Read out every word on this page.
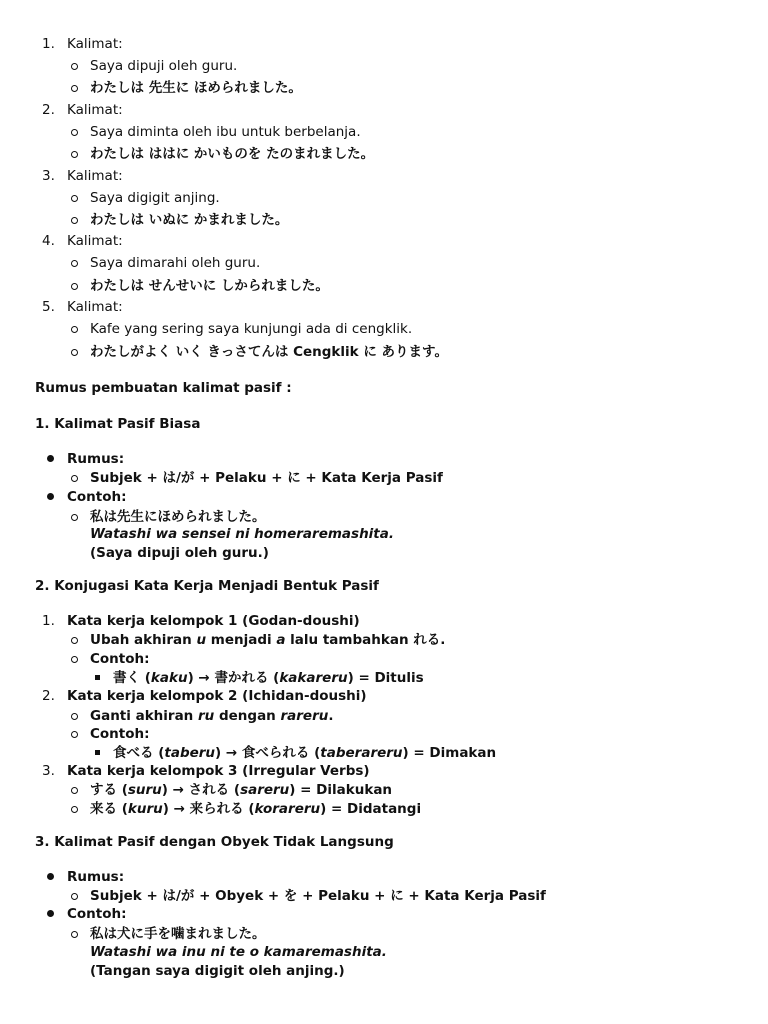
1. Kalimat:
Saya dipuji oleh guru.
わたしは 先生に ほめられました。
2. Kalimat:
Saya diminta oleh ibu untuk berbelanja.
わたしは ははに かいものを たのまれました。
3. Kalimat:
Saya digigit anjing.
わたしは いぬに かまれました。
4. Kalimat:
Saya dimarahi oleh guru.
わたしは せんせいに しかられました。
5. Kalimat:
Kafe yang sering saya kunjungi ada di cengklik.
わたしがよく いく きっさてんは Cengklik に あります。
Rumus pembuatan kalimat pasif :
1. Kalimat Pasif Biasa
Rumus:
Subjek + は/が + Pelaku + に + Kata Kerja Pasif
Contoh:
私は先生にほめられました。
Watashi wa sensei ni homeraremashita.
(Saya dipuji oleh guru.)
2. Konjugasi Kata Kerja Menjadi Bentuk Pasif
1. Kata kerja kelompok 1 (Godan-doushi)
Ubah akhiran u menjadi a lalu tambahkan れる.
Contoh:
書く (kaku) → 書かれる (kakareru) = Ditulis
2. Kata kerja kelompok 2 (Ichidan-doushi)
Ganti akhiran ru dengan rareru.
Contoh:
食べる (taberu) → 食べられる (taberareru) = Dimakan
3. Kata kerja kelompok 3 (Irregular Verbs)
する (suru) → される (sareru) = Dilakukan
来る (kuru) → 来られる (korareru) = Didatangi
3. Kalimat Pasif dengan Obyek Tidak Langsung
Rumus:
Subjek + は/が + Obyek + を + Pelaku + に + Kata Kerja Pasif
Contoh:
私は犬に手を噛まれました。
Watashi wa inu ni te o kamaremashita.
(Tangan saya digigit oleh anjing.)
